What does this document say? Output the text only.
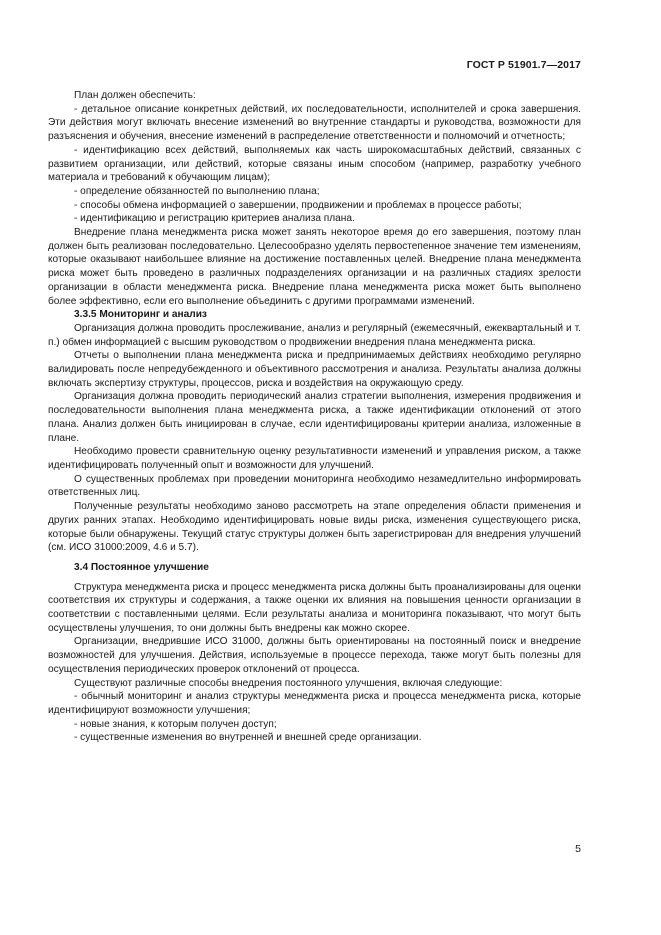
ГОСТ Р 51901.7—2017

План должен обеспечить:

- детальное описание конкретных действий, их последовательности, исполнителей и срока завершения. Эти действия могут включать внесение изменений во внутренние стандарты и руководства, возможности для разъяснения и обучения, внесение изменений в распределение ответственности и полномочий и отчетность;

- идентификацию всех действий, выполняемых как часть широкомасштабных действий, связанных с развитием организации, или действий, которые связаны иным способом (например, разработку учебного материала и требований к обучающим лицам);

- определение обязанностей по выполнению плана;

- способы обмена информацией о завершении, продвижении и проблемах в процессе работы;

- идентификацию и регистрацию критериев анализа плана.

Внедрение плана менеджмента риска может занять некоторое время до его завершения, поэтому план должен быть реализован последовательно. Целесообразно уделять первостепенное значение тем изменениям, которые оказывают наибольшее влияние на достижение поставленных целей. Внедрение плана менеджмента риска может быть проведено в различных подразделениях организации и на различных стадиях зрелости организации в области менеджмента риска. Внедрение плана менеджмента риска может быть выполнено более эффективно, если его выполнение объединить с другими программами изменений.

3.3.5 Мониторинг и анализ

Организация должна проводить прослеживание, анализ и регулярный (ежемесячный, ежеквартальный и т. п.) обмен информацией с высшим руководством о продвижении внедрения плана менеджмента риска.

Отчеты о выполнении плана менеджмента риска и предпринимаемых действиях необходимо регулярно валидировать после непредубежденного и объективного рассмотрения и анализа. Результаты анализа должны включать экспертизу структуры, процессов, риска и воздействия на окружающую среду.

Организация должна проводить периодический анализ стратегии выполнения, измерения продвижения и последовательности выполнения плана менеджмента риска, а также идентификации отклонений от этого плана. Анализ должен быть инициирован в случае, если идентифицированы критерии анализа, изложенные в плане.

Необходимо провести сравнительную оценку результативности изменений и управления риском, а также идентифицировать полученный опыт и возможности для улучшений.

О существенных проблемах при проведении мониторинга необходимо незамедлительно информировать ответственных лиц.

Полученные результаты необходимо заново рассмотреть на этапе определения области применения и других ранних этапах. Необходимо идентифицировать новые виды риска, изменения существующего риска, которые были обнаружены. Текущий статус структуры должен быть зарегистрирован для внедрения улучшений (см. ИСО 31000:2009, 4.6 и 5.7).

3.4 Постоянное улучшение

Структура менеджмента риска и процесс менеджмента риска должны быть проанализированы для оценки соответствия их структуры и содержания, а также оценки их влияния на повышения ценности организации в соответствии с поставленными целями. Если результаты анализа и мониторинга показывают, что могут быть осуществлены улучшения, то они должны быть внедрены как можно скорее.

Организации, внедрившие ИСО 31000, должны быть ориентированы на постоянный поиск и внедрение возможностей для улучшения. Действия, используемые в процессе перехода, также могут быть полезны для осуществления периодических проверок отклонений от процесса.

Существуют различные способы внедрения постоянного улучшения, включая следующие:

- обычный мониторинг и анализ структуры менеджмента риска и процесса менеджмента риска, которые идентифицируют возможности улучшения;

- новые знания, к которым получен доступ;

- существенные изменения во внутренней и внешней среде организации.

5
